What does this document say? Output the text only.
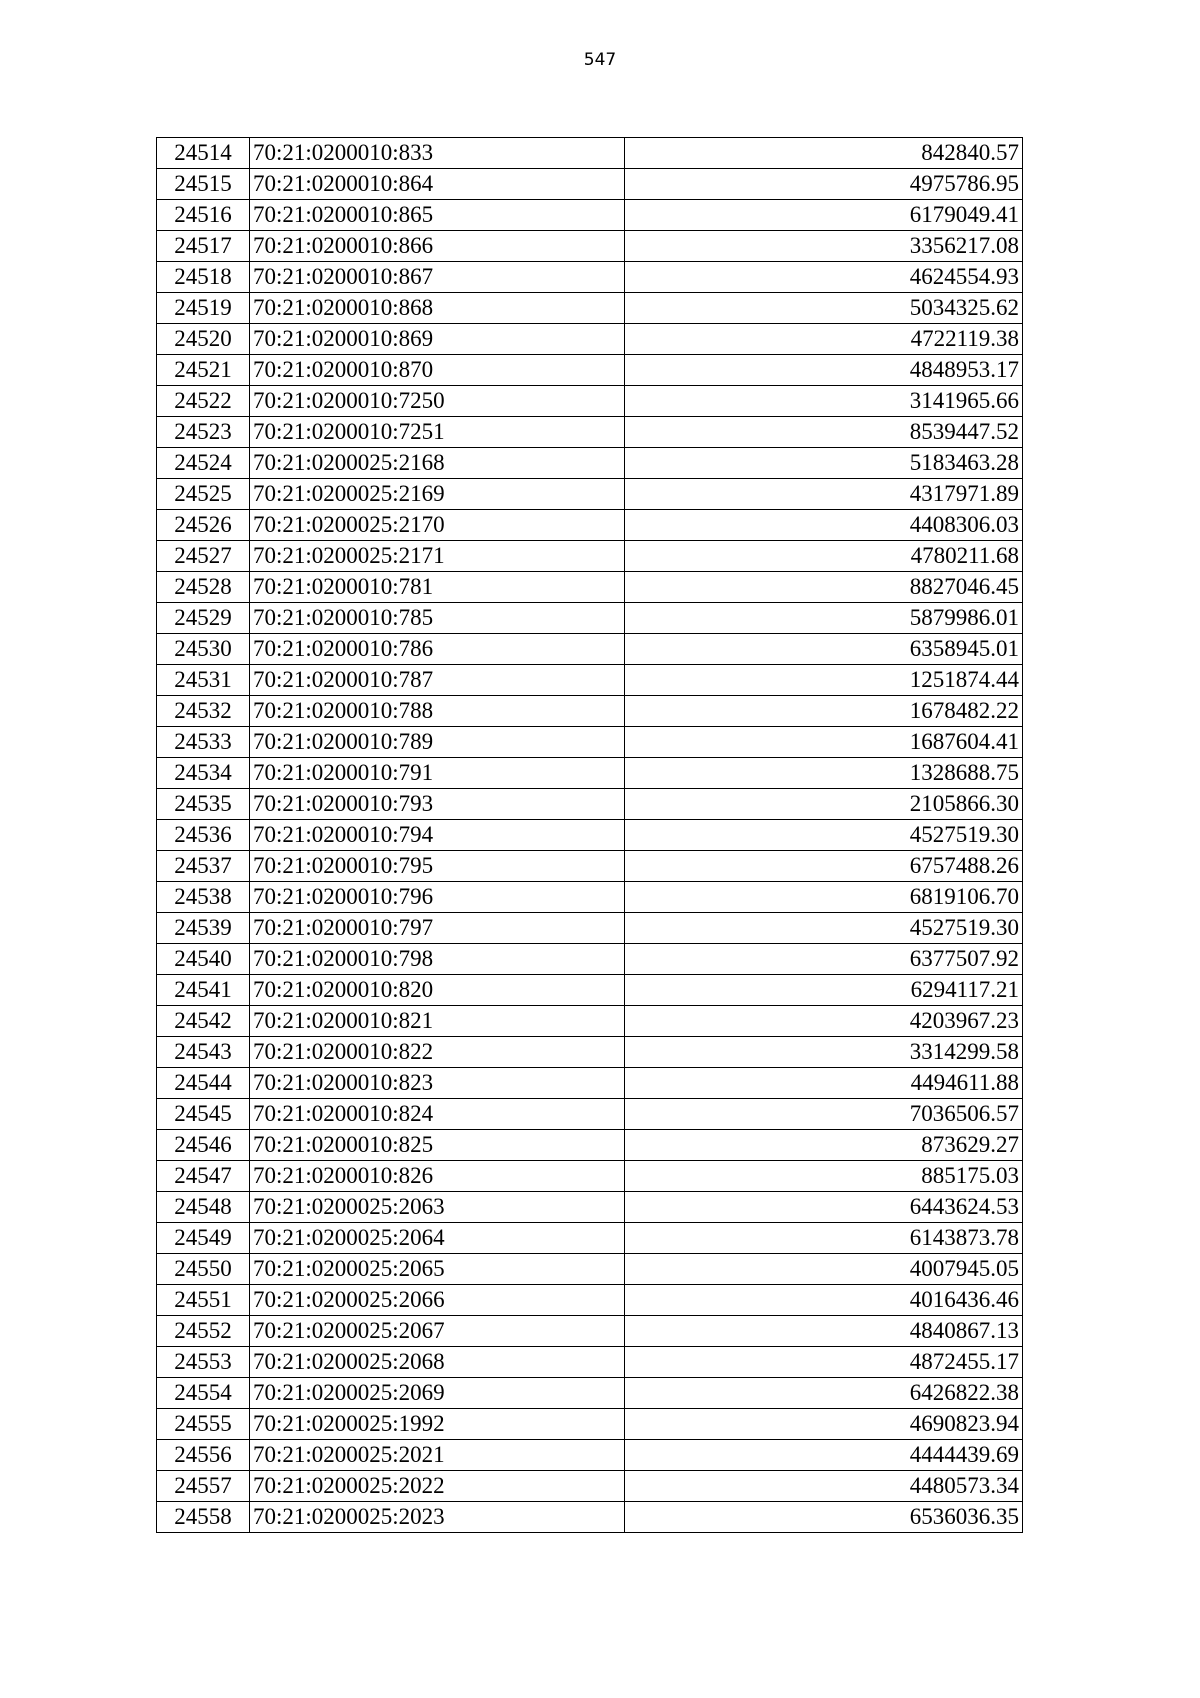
547
24514	70:21:0200010:833	842840.57
24515	70:21:0200010:864	4975786.95
24516	70:21:0200010:865	6179049.41
24517	70:21:0200010:866	3356217.08
24518	70:21:0200010:867	4624554.93
24519	70:21:0200010:868	5034325.62
24520	70:21:0200010:869	4722119.38
24521	70:21:0200010:870	4848953.17
24522	70:21:0200010:7250	3141965.66
24523	70:21:0200010:7251	8539447.52
24524	70:21:0200025:2168	5183463.28
24525	70:21:0200025:2169	4317971.89
24526	70:21:0200025:2170	4408306.03
24527	70:21:0200025:2171	4780211.68
24528	70:21:0200010:781	8827046.45
24529	70:21:0200010:785	5879986.01
24530	70:21:0200010:786	6358945.01
24531	70:21:0200010:787	1251874.44
24532	70:21:0200010:788	1678482.22
24533	70:21:0200010:789	1687604.41
24534	70:21:0200010:791	1328688.75
24535	70:21:0200010:793	2105866.30
24536	70:21:0200010:794	4527519.30
24537	70:21:0200010:795	6757488.26
24538	70:21:0200010:796	6819106.70
24539	70:21:0200010:797	4527519.30
24540	70:21:0200010:798	6377507.92
24541	70:21:0200010:820	6294117.21
24542	70:21:0200010:821	4203967.23
24543	70:21:0200010:822	3314299.58
24544	70:21:0200010:823	4494611.88
24545	70:21:0200010:824	7036506.57
24546	70:21:0200010:825	873629.27
24547	70:21:0200010:826	885175.03
24548	70:21:0200025:2063	6443624.53
24549	70:21:0200025:2064	6143873.78
24550	70:21:0200025:2065	4007945.05
24551	70:21:0200025:2066	4016436.46
24552	70:21:0200025:2067	4840867.13
24553	70:21:0200025:2068	4872455.17
24554	70:21:0200025:2069	6426822.38
24555	70:21:0200025:1992	4690823.94
24556	70:21:0200025:2021	4444439.69
24557	70:21:0200025:2022	4480573.34
24558	70:21:0200025:2023	6536036.35
